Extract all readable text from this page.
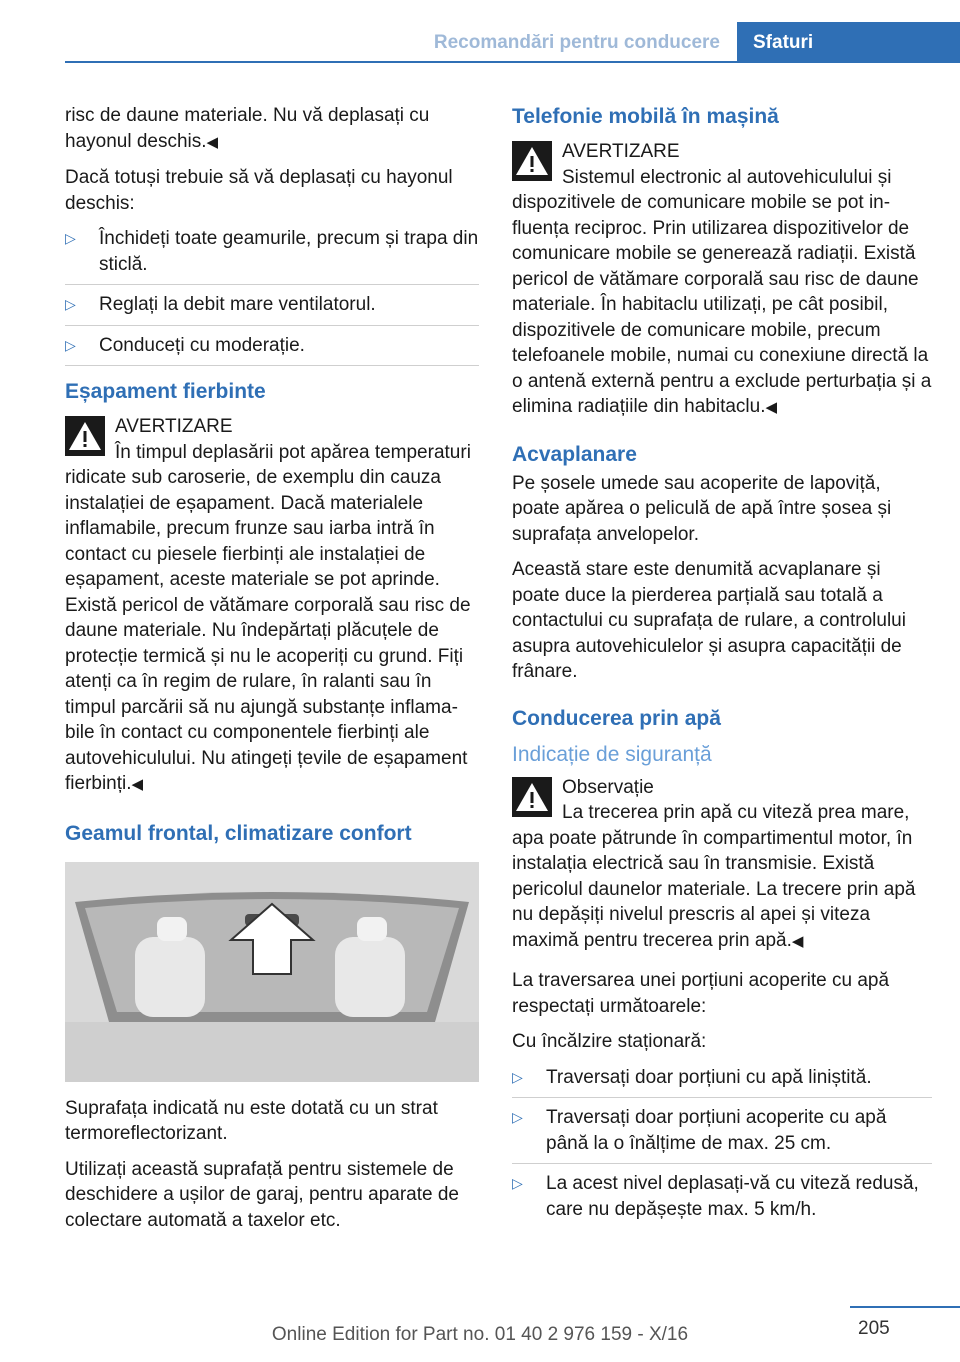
Recomandări pentru conducere	Sfaturi

risc de daune materiale. Nu vă deplasați cu hayonul deschis.◀

Dacă totuși trebuie să vă deplasați cu hayonul deschis:

▷ Închideți toate geamurile, precum și trapa din sticlă.
▷ Reglați la debit mare ventilatorul.
▷ Conduceți cu moderație.
Eșapament fierbinte

AVERTIZARE

În timpul deplasării pot apărea temperaturi ridicate sub caroserie, de exemplu din cauza instalației de eșapament. Dacă materialele inflamabile, precum frunze sau iarba intră în contact cu piesele fierbinți ale instalației de eșapament, aceste materiale se pot aprinde. Există pericol de vătămare corporală sau risc de daune materiale. Nu îndepărtați plăcuțele de protecție termică și nu le acoperiți cu grund. Fiți atenți ca în regim de rulare, în ralanti sau în timpul parcării să nu ajungă substanțe inflamabile în contact cu componentele fierbinți ale autovehiculului. Nu atingeți țevile de eșapament fierbinți.◀

Geamul frontal, climatizare confort

Suprafața indicată nu este dotată cu un strat termoreflectorizant.

Utilizați această suprafață pentru sistemele de deschidere a ușilor de garaj, pentru aparate de colectare automată a taxelor etc.

Telefonie mobilă în mașină

AVERTIZARE

Sistemul electronic al autovehiculului și dispozitivele de comunicare mobile se pot influența reciproc. Prin utilizarea dispozitivelor de comunicare mobile se generează radiații. Există pericol de vătămare corporală sau risc de daune materiale. În habitaclu utilizați, pe cât posibil, dispozitivele de comunicare mobile, precum telefoanele mobile, numai cu conexiune directă la o antenă externă pentru a exclude perturbația și a elimina radiațiile din habitaclu.◀

Acvaplanare

Pe șosele umede sau acoperite de lapoviță, poate apărea o peliculă de apă între șosea și suprafața anvelopelor.

Această stare este denumită acvaplanare și poate duce la pierderea parțială sau totală a contactului cu suprafața de rulare, a controlului asupra autovehiculelor și asupra capacității de frânare.

Conducerea prin apă
Indicație de siguranță

Observație

La trecerea prin apă cu viteză prea mare, apa poate pătrunde în compartimentul motor, în instalația electrică sau în transmisie. Există pericolul daunelor materiale. La trecere prin apă nu depășiți nivelul prescris al apei și viteza maximă pentru trecerea prin apă.◀

La traversarea unei porțiuni acoperite cu apă respectați următoarele:

Cu încălzire staționară:

▷ Traversați doar porțiuni cu apă liniștită.
▷ Traversați doar porțiuni acoperite cu apă până la o înălțime de max. 25 cm.
▷ La acest nivel deplasați-vă cu viteză redusă, care nu depășește max. 5 km/h.
205
Online Edition for Part no. 01 40 2 976 159 - X/16
